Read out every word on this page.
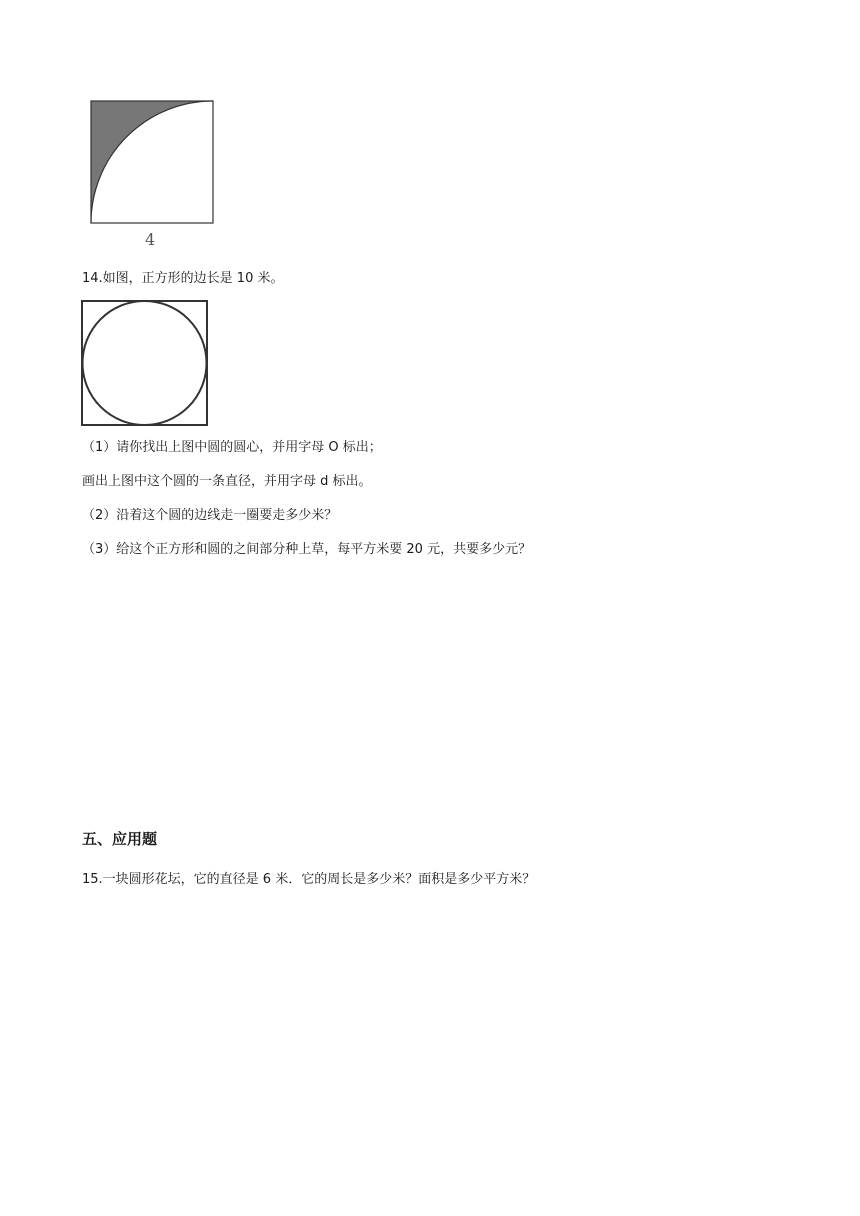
4
14.如图，正方形的边长是 10 米。
（1）请你找出上图中圆的圆心，并用字母 O 标出；
画出上图中这个圆的一条直径，并用字母 d 标出。
（2）沿着这个圆的边线走一圈要走多少米？
（3）给这个正方形和圆的之间部分种上草，每平方米要 20 元，共要多少元？
五、应用题
15.一块圆形花坛，它的直径是 6 米．它的周长是多少米？面积是多少平方米？
